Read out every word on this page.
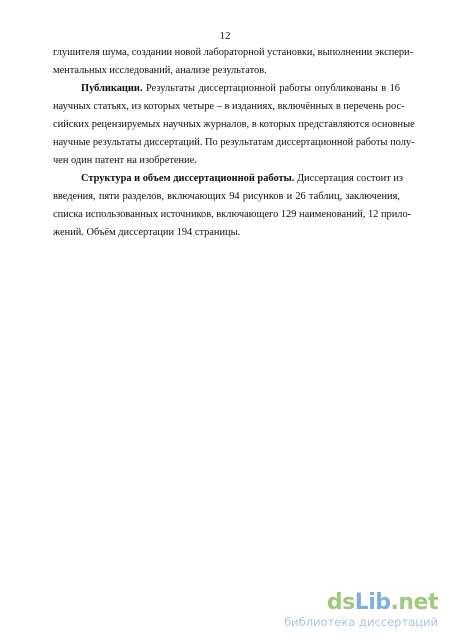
12

глушителя шума, создании новой лабораторной установки, выполнении экспери-
ментальных исследований, анализе результатов.

Публикации. Результаты диссертационной работы опубликованы в 16
научных статьях, из которых четыре – в изданиях, включённых в перечень рос-
сийских рецензируемых научных журналов, в которых представляются основные
научные результаты диссертаций. По результатам диссертационной работы полу-
чен один патент на изобретение.

Структура и объем диссертационной работы. Диссертация состоит из
введения, пяти разделов, включающих 94 рисунков и 26 таблиц, заключения,
списка использованных источников, включающего 129 наименований, 12 прило-
жений. Объём диссертации 194 страницы.

dsLib.net
библиотека диссертаций
